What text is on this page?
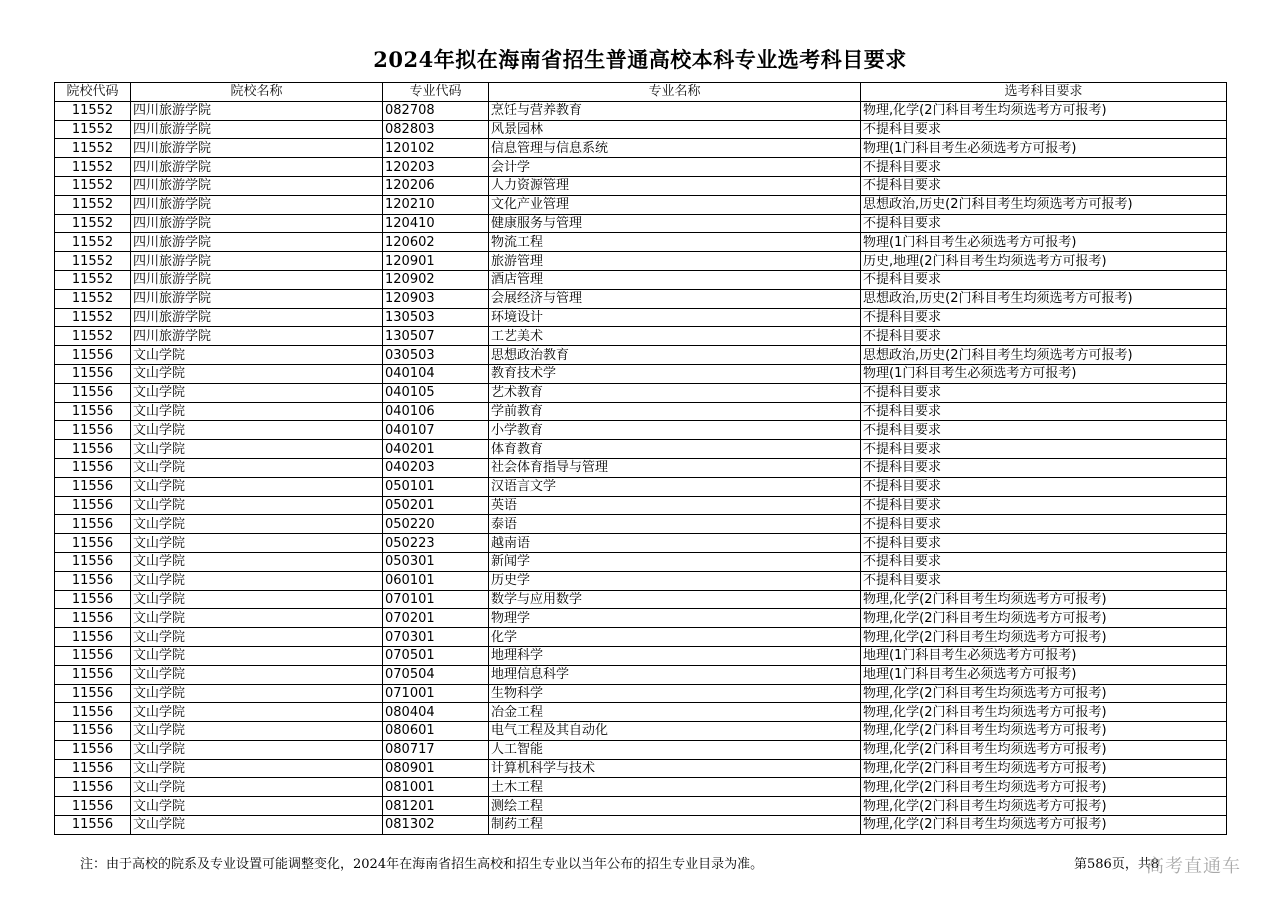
2024年拟在海南省招生普通高校本科专业选考科目要求
院校代码	院校名称	专业代码	专业名称	选考科目要求
11552	四川旅游学院	082708	烹饪与营养教育	物理,化学(2门科目考生均须选考方可报考)
11552	四川旅游学院	082803	风景园林	不提科目要求
11552	四川旅游学院	120102	信息管理与信息系统	物理(1门科目考生必须选考方可报考)
11552	四川旅游学院	120203	会计学	不提科目要求
11552	四川旅游学院	120206	人力资源管理	不提科目要求
11552	四川旅游学院	120210	文化产业管理	思想政治,历史(2门科目考生均须选考方可报考)
11552	四川旅游学院	120410	健康服务与管理	不提科目要求
11552	四川旅游学院	120602	物流工程	物理(1门科目考生必须选考方可报考)
11552	四川旅游学院	120901	旅游管理	历史,地理(2门科目考生均须选考方可报考)
11552	四川旅游学院	120902	酒店管理	不提科目要求
11552	四川旅游学院	120903	会展经济与管理	思想政治,历史(2门科目考生均须选考方可报考)
11552	四川旅游学院	130503	环境设计	不提科目要求
11552	四川旅游学院	130507	工艺美术	不提科目要求
11556	文山学院	030503	思想政治教育	思想政治,历史(2门科目考生均须选考方可报考)
11556	文山学院	040104	教育技术学	物理(1门科目考生必须选考方可报考)
11556	文山学院	040105	艺术教育	不提科目要求
11556	文山学院	040106	学前教育	不提科目要求
11556	文山学院	040107	小学教育	不提科目要求
11556	文山学院	040201	体育教育	不提科目要求
11556	文山学院	040203	社会体育指导与管理	不提科目要求
11556	文山学院	050101	汉语言文学	不提科目要求
11556	文山学院	050201	英语	不提科目要求
11556	文山学院	050220	泰语	不提科目要求
11556	文山学院	050223	越南语	不提科目要求
11556	文山学院	050301	新闻学	不提科目要求
11556	文山学院	060101	历史学	不提科目要求
11556	文山学院	070101	数学与应用数学	物理,化学(2门科目考生均须选考方可报考)
11556	文山学院	070201	物理学	物理,化学(2门科目考生均须选考方可报考)
11556	文山学院	070301	化学	物理,化学(2门科目考生均须选考方可报考)
11556	文山学院	070501	地理科学	地理(1门科目考生必须选考方可报考)
11556	文山学院	070504	地理信息科学	地理(1门科目考生必须选考方可报考)
11556	文山学院	071001	生物科学	物理,化学(2门科目考生均须选考方可报考)
11556	文山学院	080404	冶金工程	物理,化学(2门科目考生均须选考方可报考)
11556	文山学院	080601	电气工程及其自动化	物理,化学(2门科目考生均须选考方可报考)
11556	文山学院	080717	人工智能	物理,化学(2门科目考生均须选考方可报考)
11556	文山学院	080901	计算机科学与技术	物理,化学(2门科目考生均须选考方可报考)
11556	文山学院	081001	土木工程	物理,化学(2门科目考生均须选考方可报考)
11556	文山学院	081201	测绘工程	物理,化学(2门科目考生均须选考方可报考)
11556	文山学院	081302	制药工程	物理,化学(2门科目考生均须选考方可报考)
注：由于高校的院系及专业设置可能调整变化，2024年在海南省招生高校和招生专业以当年公布的招生专业目录为准。	第586页，共8
高考直通车
